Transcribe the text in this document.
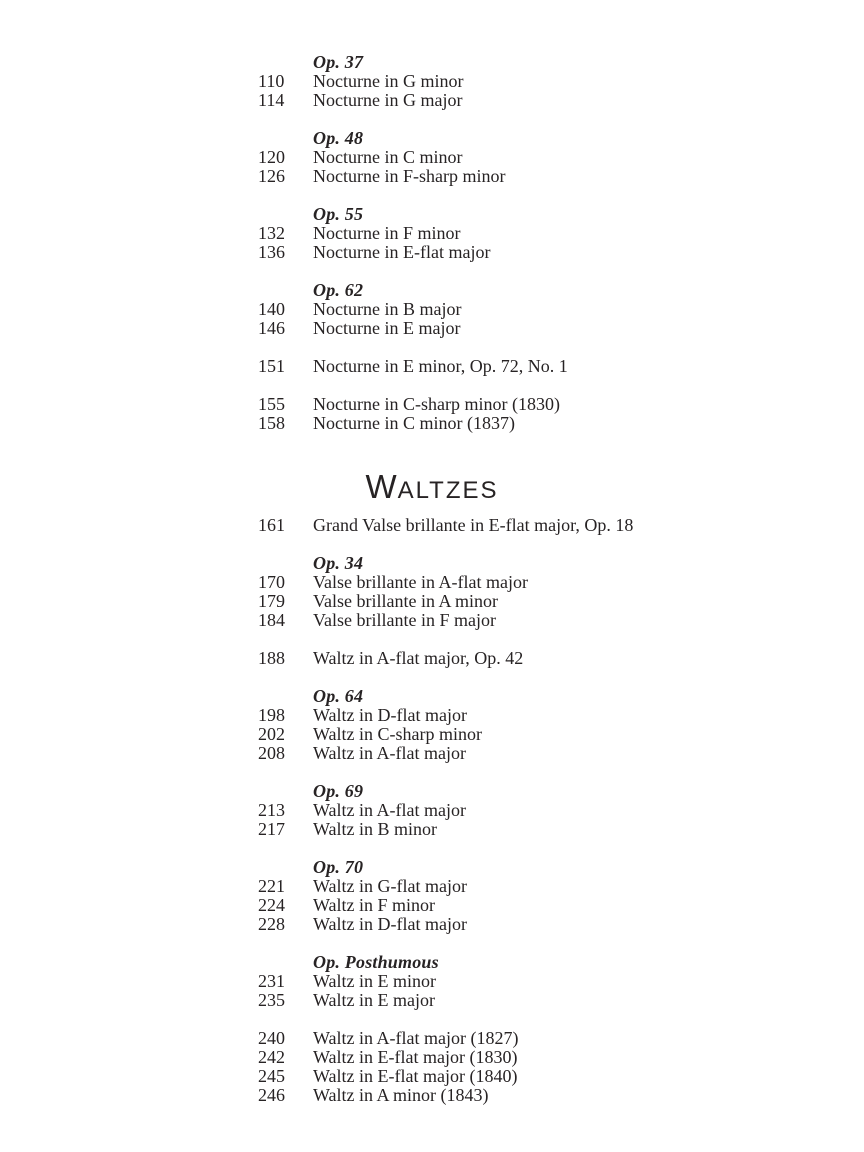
Op. 37
110	Nocturne in G minor
114	Nocturne in G major
Op. 48
120	Nocturne in C minor
126	Nocturne in F-sharp minor
Op. 55
132	Nocturne in F minor
136	Nocturne in E-flat major
Op. 62
140	Nocturne in B major
146	Nocturne in E major
151	Nocturne in E minor, Op. 72, No. 1
155	Nocturne in C-sharp minor (1830)
158	Nocturne in C minor (1837)
WALTZES
161	Grand Valse brillante in E-flat major, Op. 18
Op. 34
170	Valse brillante in A-flat major
179	Valse brillante in A minor
184	Valse brillante in F major
188	Waltz in A-flat major, Op. 42
Op. 64
198	Waltz in D-flat major
202	Waltz in C-sharp minor
208	Waltz in A-flat major
Op. 69
213	Waltz in A-flat major
217	Waltz in B minor
Op. 70
221	Waltz in G-flat major
224	Waltz in F minor
228	Waltz in D-flat major
Op. Posthumous
231	Waltz in E minor
235	Waltz in E major
240	Waltz in A-flat major (1827)
242	Waltz in E-flat major (1830)
245	Waltz in E-flat major (1840)
246	Waltz in A minor (1843)
